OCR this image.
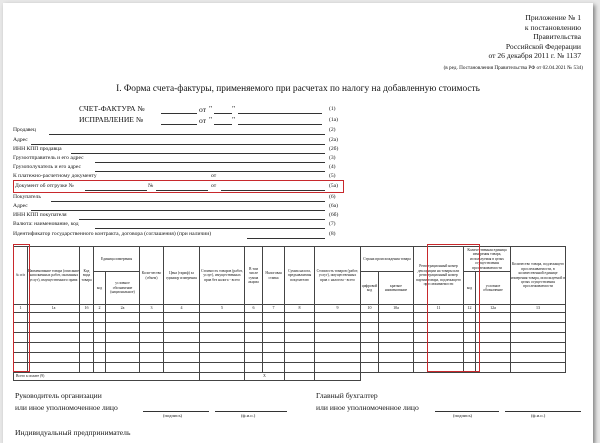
Приложение № 1
к постановлению
Правительства
Российской Федерации
от 26 декабря 2011 г. № 1137
(в ред. Постановления Правительства РФ от 02.04.2021 № 534)
I. Форма счета-фактуры, применяемого при расчетах по налогу на добавленную стоимость
СЧЕТ-ФАКТУРА №	от "	"	(1)
ИСПРАВЛЕНИЕ №	от "	"	(1а)
Продавец	(2)
Адрес	(2а)
ИНН КПП продавца	(2б)
Грузоотправитель и его адрес	(3)
Грузополучатель и его адрес	(4)
К платежно-расчетному документу	от	(5)
Документ об отгрузке №	№	от	(5а)
Покупатель	(6)
Адрес	(6а)
ИНН КПП покупателя	(6б)
Валюта: наименование, код	(7)
Идентификатор государственного контракта, договора (соглашения) (при наличии)	(8)
№ п/п	Наименование товара (описание выполненных работ, оказанных услуг), имущественного права	Код вида товара	Единица измерения		Коли-чество (объем)	Цена (тариф) за единицу измерения	Стоимость товаров (работ, услуг), имущественных прав без налога - всего	В том числе сумма акциза	Налоговая ставка	Сумма налога, предъявляемая покупателю	Стоимость товаров (работ, услуг), имущественных прав с налогом - всего	Страна происхождения товара		Регистрационный номер декларации на товары или регистрационный номер партии товара, подлежащего прослеживаемости	Количественная единица измерения товара, используемая в целях осуществления прослеживаемости		Количество товара, подлежащего прослеживаемости, в количественной единице измерения товара, используемой в целях осуществления прослеживаемости
			код	условное обозначение (национальное)								цифровой код	краткое наименование		код	условное обозначение	
1	1а	1б	2	2а	3	4	5	6	7	8	9	10	10а	11	12	12а	13

Всего к оплате (9)								X									
Руководитель организации
или иное уполномоченное лицо
(подпись)	(ф.и.о.)
Главный бухгалтер
или иное уполномоченное лицо
(подпись)	(ф.и.о.)
Индивидуальный предприниматель
